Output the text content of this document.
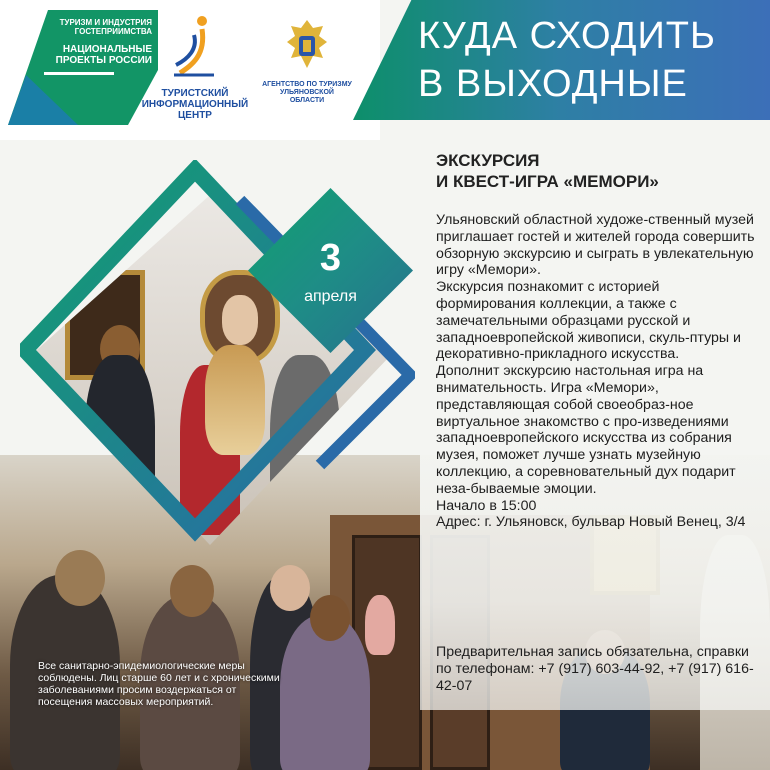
ТУРИЗМ И ИНДУСТРИЯ ГОСТЕПРИИМСТВА
НАЦИОНАЛЬНЫЕ ПРОЕКТЫ РОССИИ
ТУРИСТСКИЙ ИНФОРМАЦИОННЫЙ ЦЕНТР
АГЕНТСТВО ПО ТУРИЗМУ УЛЬЯНОВСКОЙ ОБЛАСТИ
КУДА СХОДИТЬ
В ВЫХОДНЫЕ
3
апреля
ЭКСКУРСИЯ
И КВЕСТ-ИГРА «МЕМОРИ»

Ульяновский областной художе-ственный музей приглашает гостей и жителей города совершить обзорную экскурсию и сыграть в увлекательную игру «Мемори».

Экскурсия познакомит с историей формирования коллекции, а также с замечательными образцами русской и западноевропейской живописи, скуль-птуры и декоративно-прикладного искусства.

Дополнит экскурсию настольная игра на внимательность. Игра «Мемори», представляющая собой своеобраз-ное виртуальное знакомство с про-изведениями западноевропейского искусства из собрания музея, поможет лучше узнать музейную коллекцию, а соревновательный дух подарит неза-бываемые эмоции.

Начало в 15:00

Адрес: г. Ульяновск, бульвар Новый Венец, 3/4

Предварительная запись обязательна, справки по телефонам: +7 (917) 603-44-92, +7 (917) 616-42-07
Все санитарно-эпидемиологические меры соблюдены. Лиц старше 60 лет и с хроническими заболеваниями просим воздержаться от посещения массовых мероприятий.
